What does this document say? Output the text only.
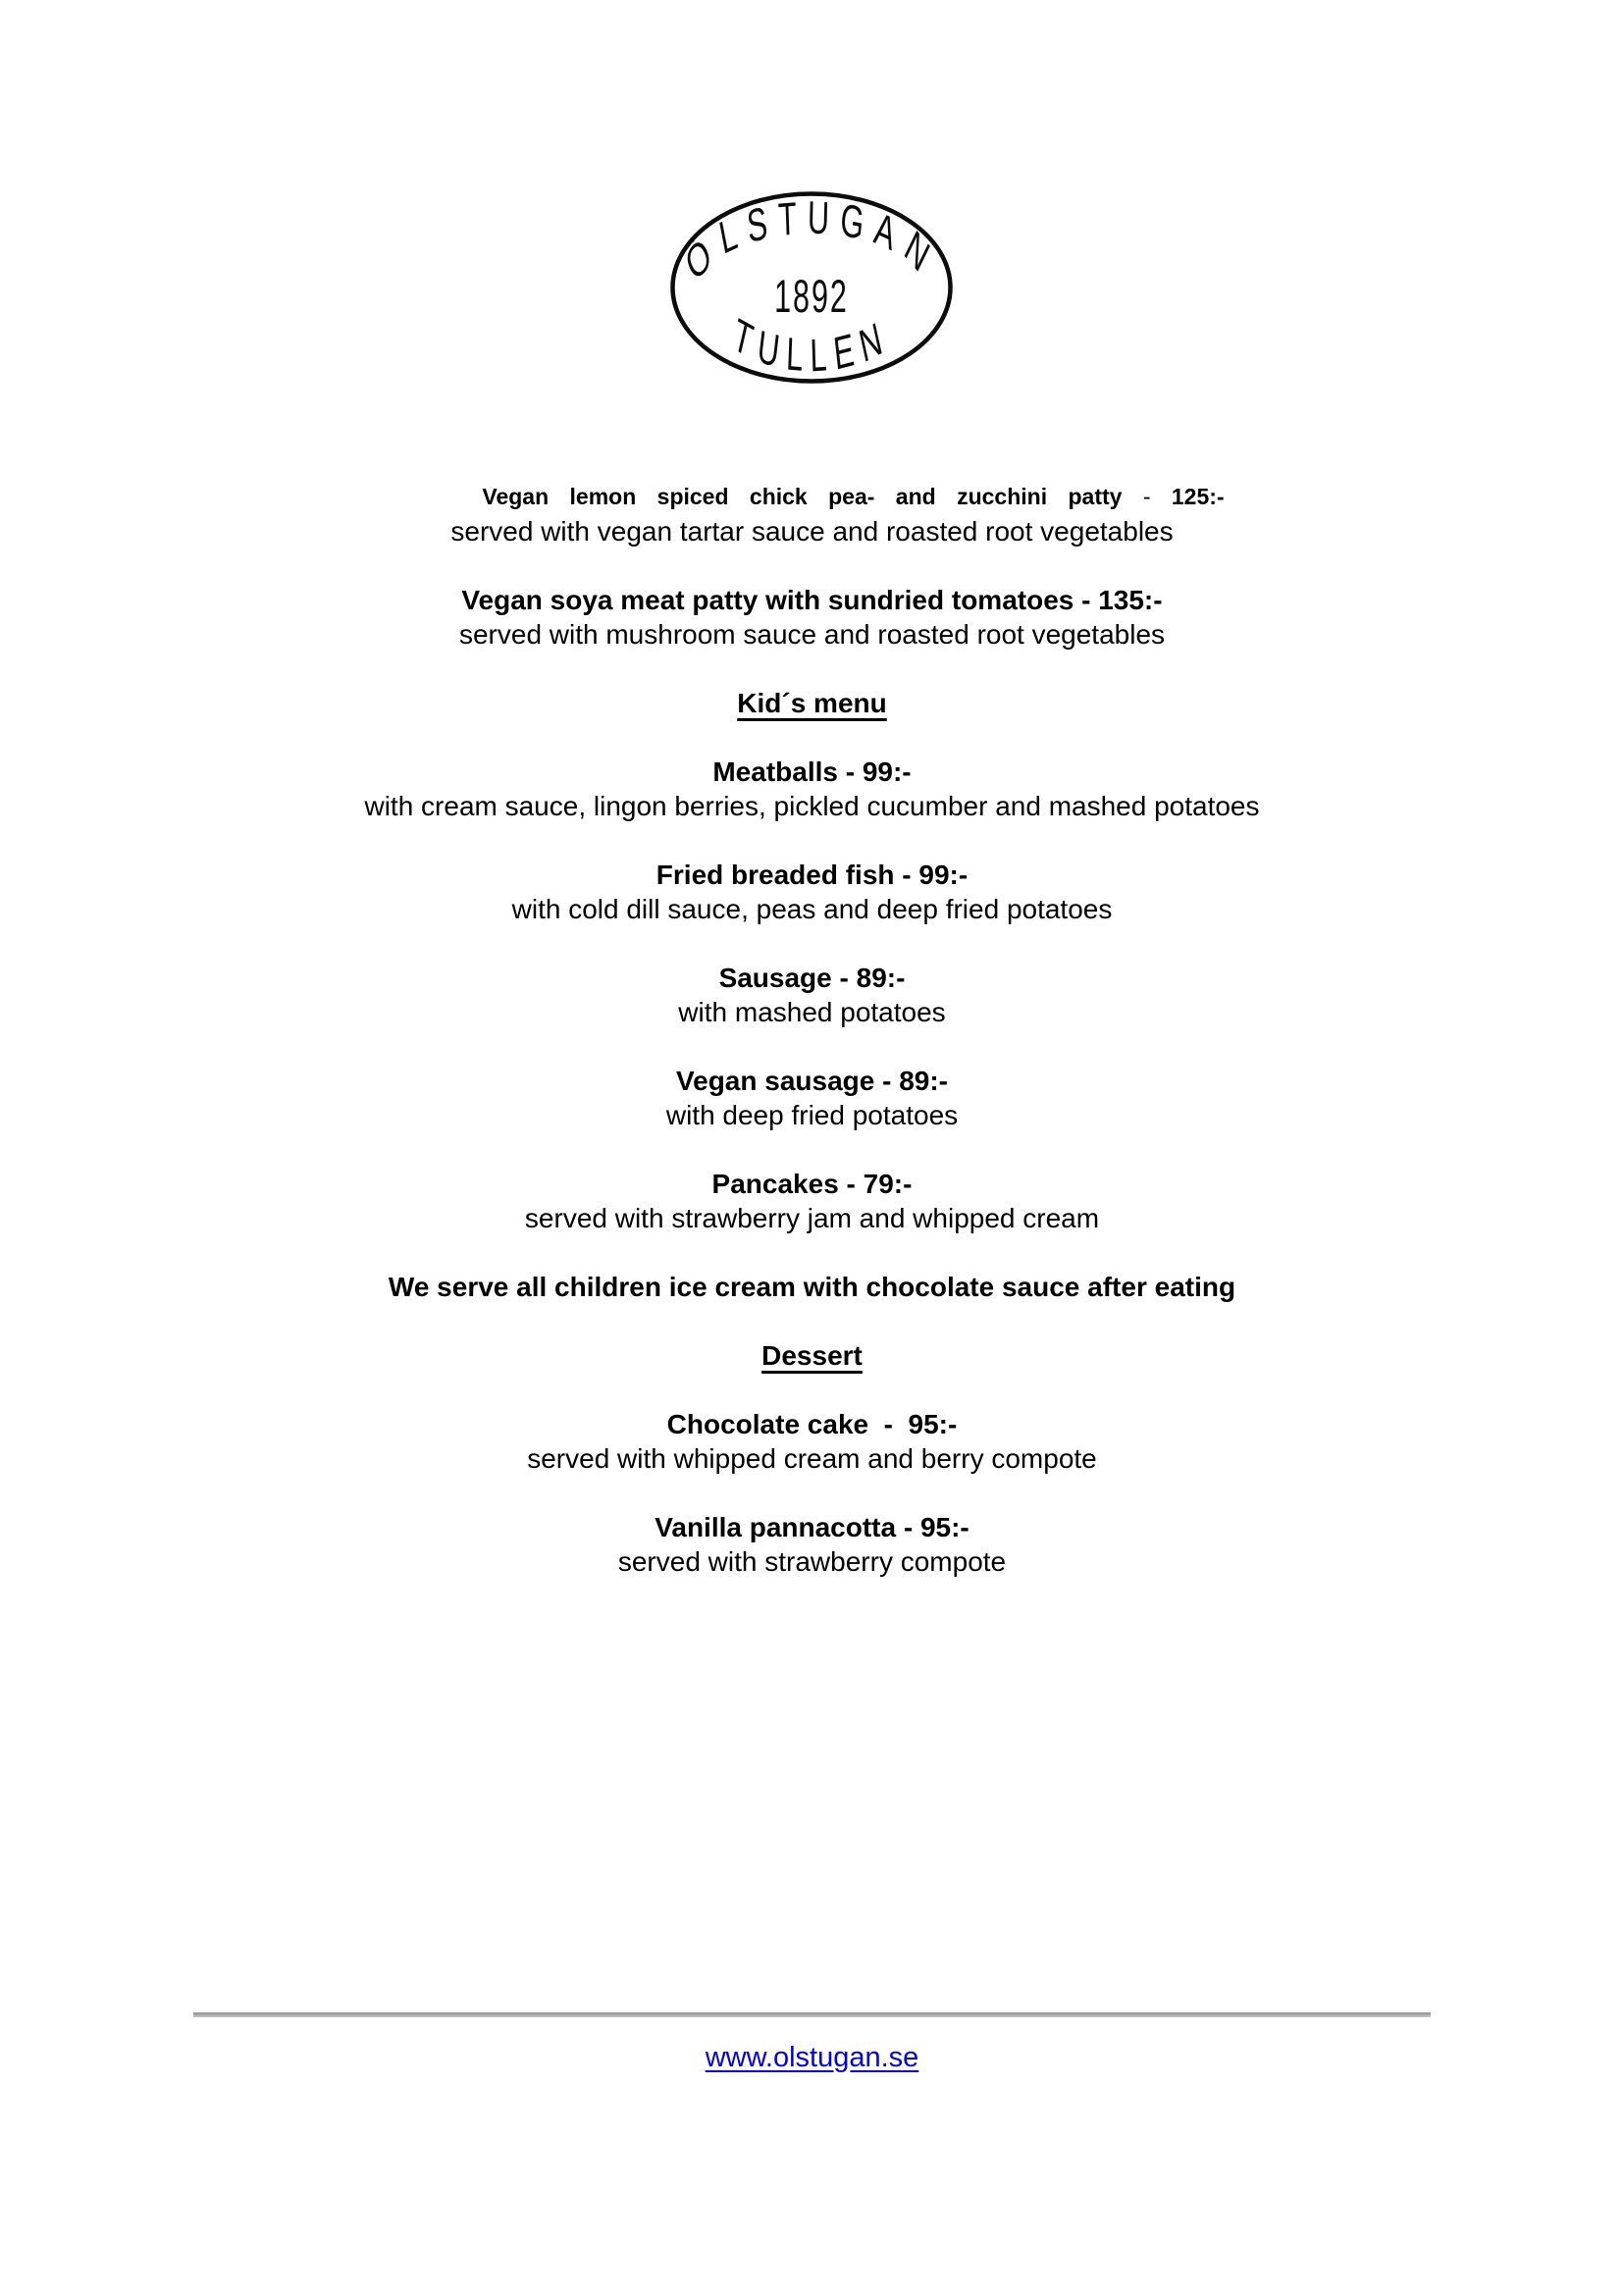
ÖLSTUGAN
1892
TULLEN
Vegan lemon spiced chick pea- and zucchini patty - 125:-
served with vegan tartar sauce and roasted root vegetables
Vegan soya meat patty with sundried tomatoes - 135:-
served with mushroom sauce and roasted root vegetables
Kid´s menu
Meatballs - 99:-
with cream sauce, lingon berries, pickled cucumber and mashed potatoes
Fried breaded fish - 99:-
with cold dill sauce, peas and deep fried potatoes
Sausage - 89:-
with mashed potatoes
Vegan sausage - 89:-
with deep fried potatoes
Pancakes - 79:-
served with strawberry jam and whipped cream
We serve all children ice cream with chocolate sauce after eating
Dessert
Chocolate cake  -  95:-
served with whipped cream and berry compote
Vanilla pannacotta - 95:-
served with strawberry compote
www.olstugan.se
